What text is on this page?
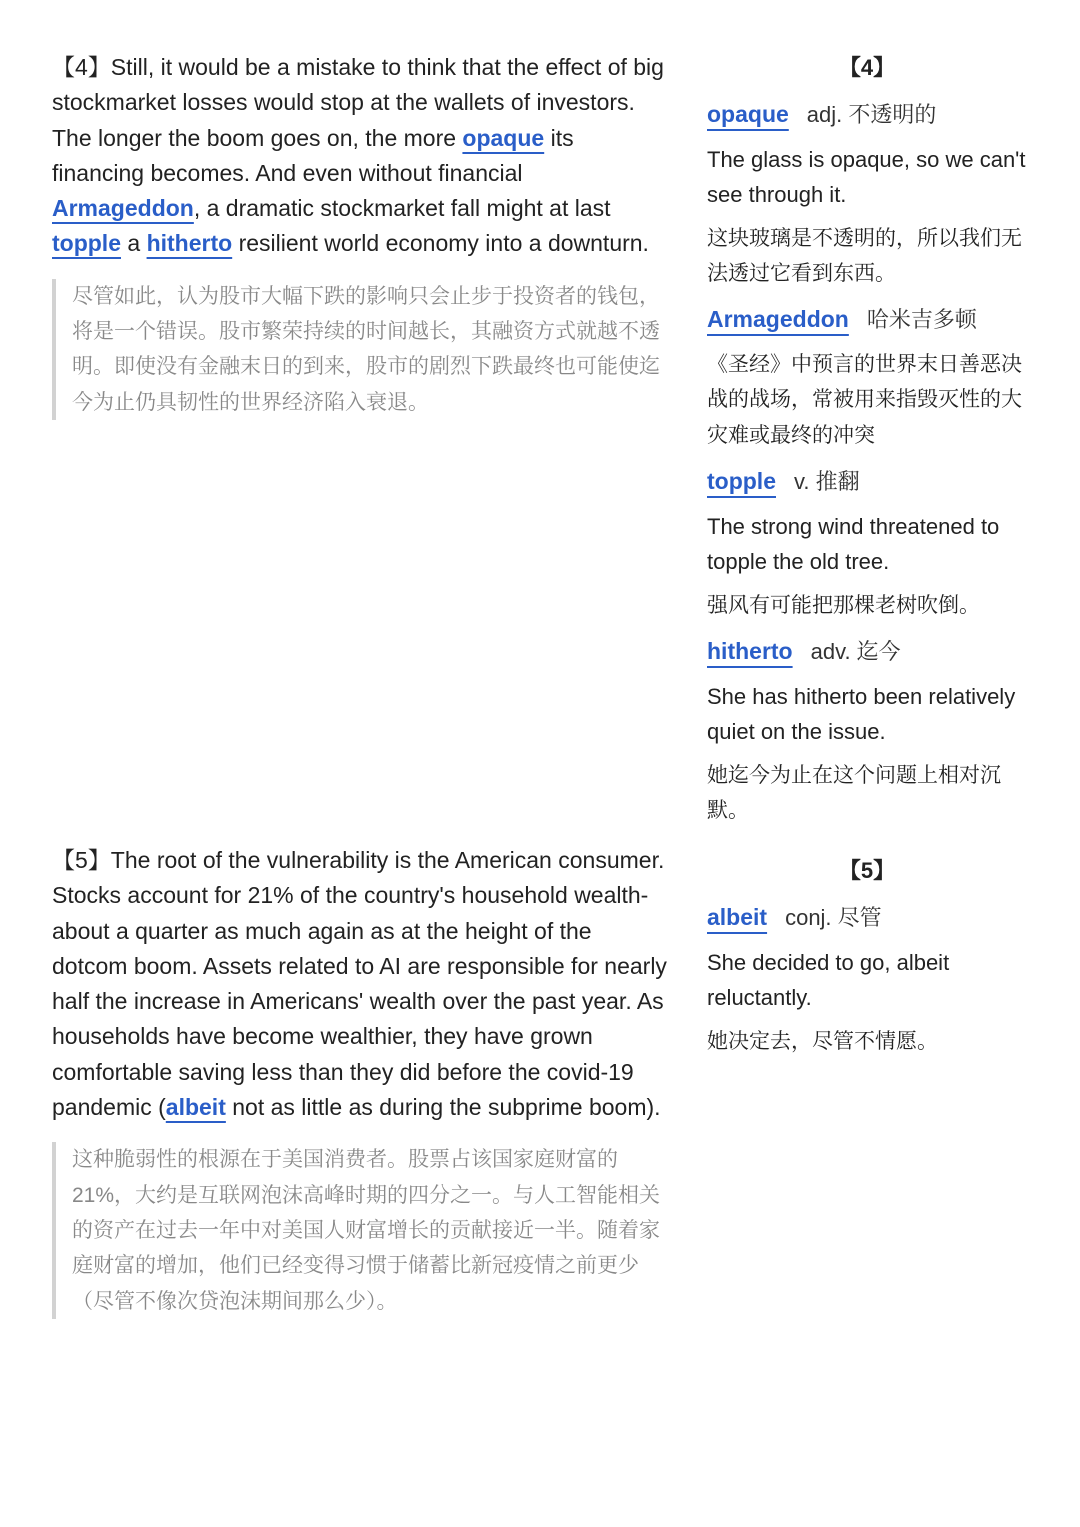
【4】Still, it would be a mistake to think that the effect of big stockmarket losses would stop at the wallets of investors. The longer the boom goes on, the more opaque its financing becomes. And even without financial Armageddon, a dramatic stockmarket fall might at last topple a hitherto resilient world economy into a downturn.

尽管如此，认为股市大幅下跌的影响只会止步于投资者的钱包，将是一个错误。股市繁荣持续的时间越长，其融资方式就越不透明。即使没有金融末日的到来，股市的剧烈下跌最终也可能使迄今为止仍具韧性的世界经济陷入衰退。

【5】The root of the vulnerability is the American consumer. Stocks account for 21% of the country's household wealth-about a quarter as much again as at the height of the dotcom boom. Assets related to AI are responsible for nearly half the increase in Americans' wealth over the past year. As households have become wealthier, they have grown comfortable saving less than they did before the covid-19 pandemic (albeit not as little as during the subprime boom).

这种脆弱性的根源在于美国消费者。股票占该国家庭财富的21%，大约是互联网泡沫高峰时期的四分之一。与人工智能相关的资产在过去一年中对美国人财富增长的贡献接近一半。随着家庭财富的增加，他们已经变得习惯于储蓄比新冠疫情之前更少（尽管不像次贷泡沫期间那么少）。
【4】
opaque adj. 不透明的
The glass is opaque, so we can't see through it.
这块玻璃是不透明的，所以我们无法透过它看到东西。
Armageddon 哈米吉多顿
《圣经》中预言的世界末日善恶决战的战场，常被用来指毁灭性的大灾难或最终的冲突
topple v. 推翻
The strong wind threatened to topple the old tree.
强风有可能把那棵老树吹倒。
hitherto adv. 迄今
She has hitherto been relatively quiet on the issue.
她迄今为止在这个问题上相对沉默。
【5】
albeit conj. 尽管
She decided to go, albeit reluctantly.
她决定去，尽管不情愿。
